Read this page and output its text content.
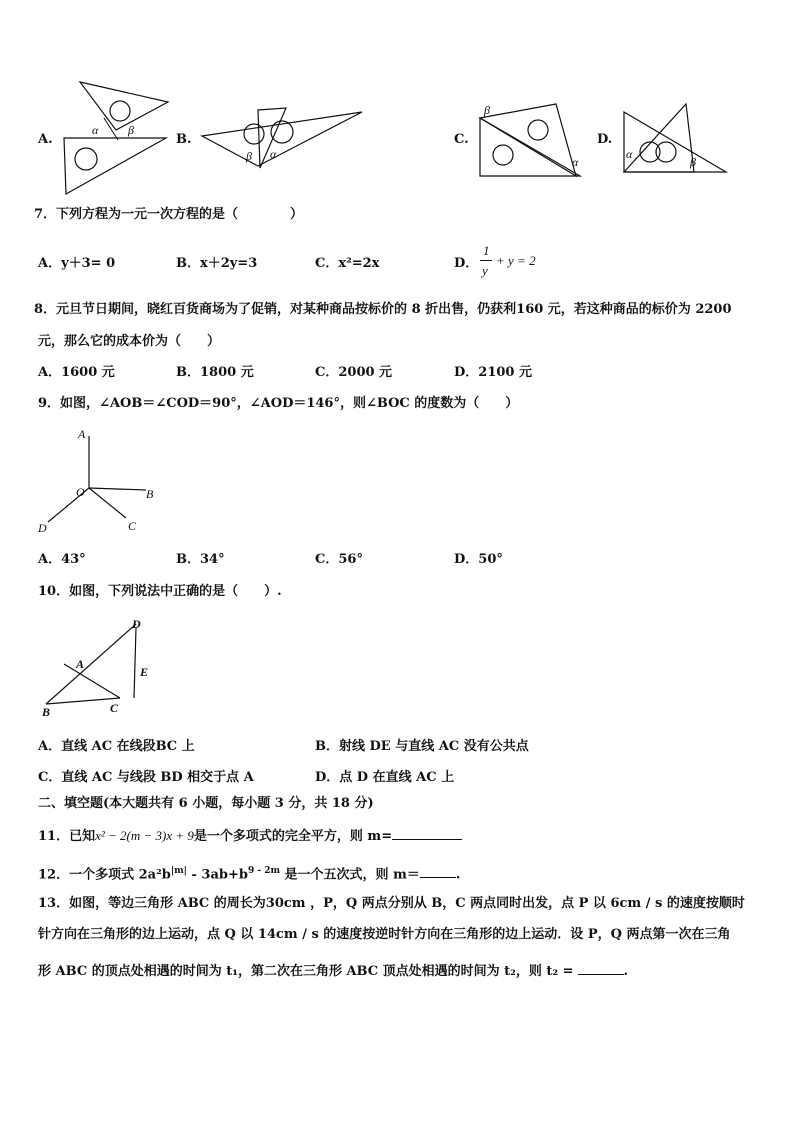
A.
α β
B.
β α
C.
β
α
D.
α
β
7．下列方程为一元一次方程的是（　　　　）
A．y＋3= 0	B．x＋2y=3	C．x²=2x	D．
1
y
+ y = 2
8．元旦节日期间，晓红百货商场为了促销，对某种商品按标价的 8 折出售，仍获利160 元，若这种商品的标价为 2200
元，那么它的成本价为（　　）
A．1600 元	B．1800 元	C．2000 元	D．2100 元
9．如图，∠AOB＝∠COD＝90°，∠AOD＝146°，则∠BOC 的度数为（　　）
A
O	B
D	C
A．43°	B．34°	C．56°	D．50°
10．如图，下列说法中正确的是（　　）.
D
A
E
B	C
A．直线 AC 在线段BC 上	B．射线 DE 与直线 AC 没有公共点
C．直线 AC 与线段 BD 相交于点 A	D．点 D 在直线 AC 上
二、填空题(本大题共有 6 小题，每小题 3 分，共 18 分)
11．已知x² − 2(m − 3)x + 9是一个多项式的完全平方，则 m=
12．一个多项式 $2a^2b^{|m|} - 3ab+b^{9 - 2m}$ 是一个五次式，则 m＝	.
13．如图，等边三角形 ABC 的周长为30cm ，P，Q 两点分别从 B，C 两点同时出发，点 P 以 6cm / s 的速度按顺时
针方向在三角形的边上运动，点 Q 以 14cm / s 的速度按逆时针方向在三角形的边上运动．设 P，Q 两点第一次在三角
形 ABC 的顶点处相遇的时间为 t₁，第二次在三角形 ABC 顶点处相遇的时间为 t₂，则 t₂ =	.
